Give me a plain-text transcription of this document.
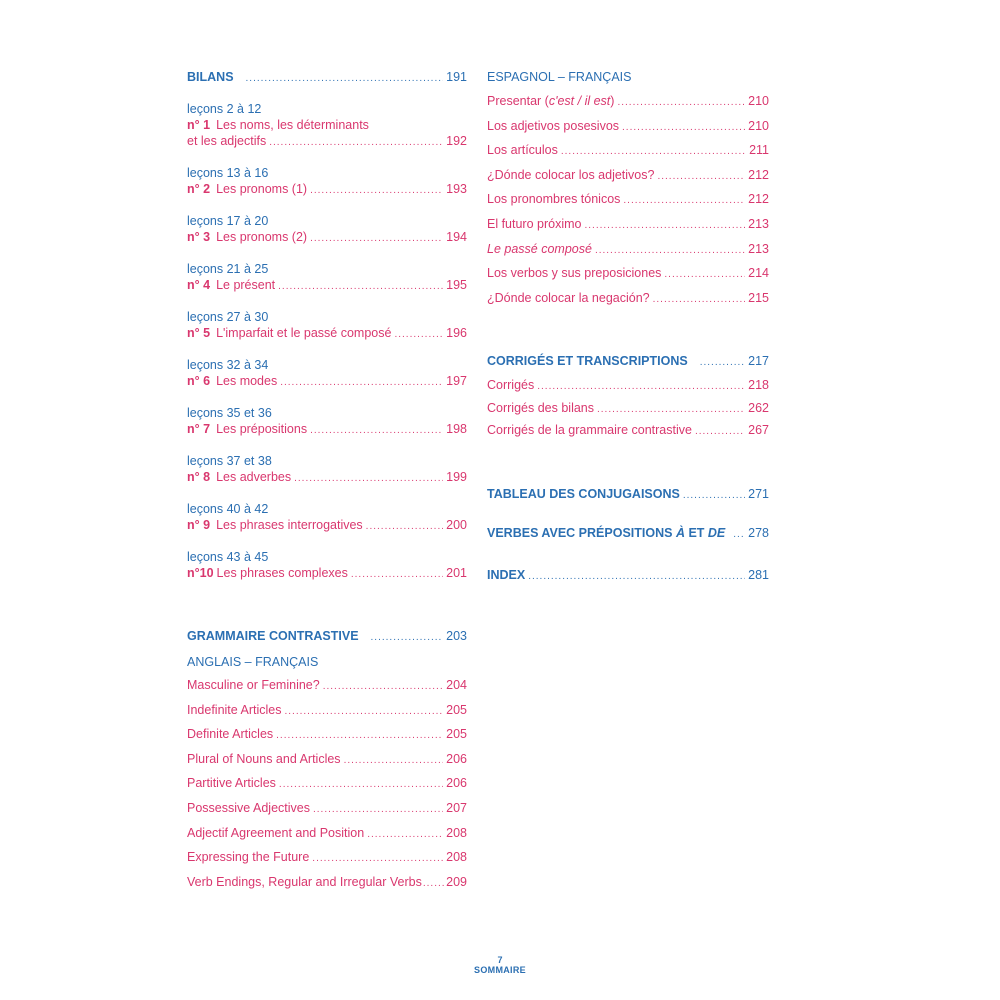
BILANS .....	191
leçons 2 à 12
n° 1 Les noms, les déterminants
et les adjectifs .....	192
leçons 13 à 16
n° 2 Les pronoms (1) .....	193
leçons 17 à 20
n° 3 Les pronoms (2) .....	194
leçons 21 à 25
n° 4 Le présent .....	195
leçons 27 à 30
n° 5 L'imparfait et le passé composé .....	196
leçons 32 à 34
n° 6 Les modes .....	197
leçons 35 et 36
n° 7 Les prépositions .....	198
leçons 37 et 38
n° 8 Les adverbes .....	199
leçons 40 à 42
n° 9 Les phrases interrogatives .....	200
leçons 43 à 45
n°10 Les phrases complexes .....	201
GRAMMAIRE CONTRASTIVE .....	203
ANGLAIS – FRANÇAIS
Masculine or Feminine? .....	204
Indefinite Articles .....	205
Definite Articles .....	205
Plural of Nouns and Articles .....	206
Partitive Articles .....	206
Possessive Adjectives .....	207
Adjectif Agreement and Position .....	208
Expressing the Future .....	208
Verb Endings, Regular and Irregular Verbs ..... 209
ESPAGNOL – FRANÇAIS
Presentar (c'est / il est) .....	210
Los adjetivos posesivos .....	210
Los artículos .....	211
¿Dónde colocar los adjetivos? .....	212
Los pronombres tónicos .....	212
El futuro próximo .....	213
Le passé composé .....	213
Los verbos y sus preposiciones .....	214
¿Dónde colocar la negación? .....	215
CORRIGÉS ET TRANSCRIPTIONS .....	217
Corrigés .....	218
Corrigés des bilans .....	262
Corrigés de la grammaire contrastive .....	267
TABLEAU DES CONJUGAISONS .....	271
VERBES AVEC PRÉPOSITIONS À ET DE ..... 278
INDEX .....	281
7
SOMMAIRE
